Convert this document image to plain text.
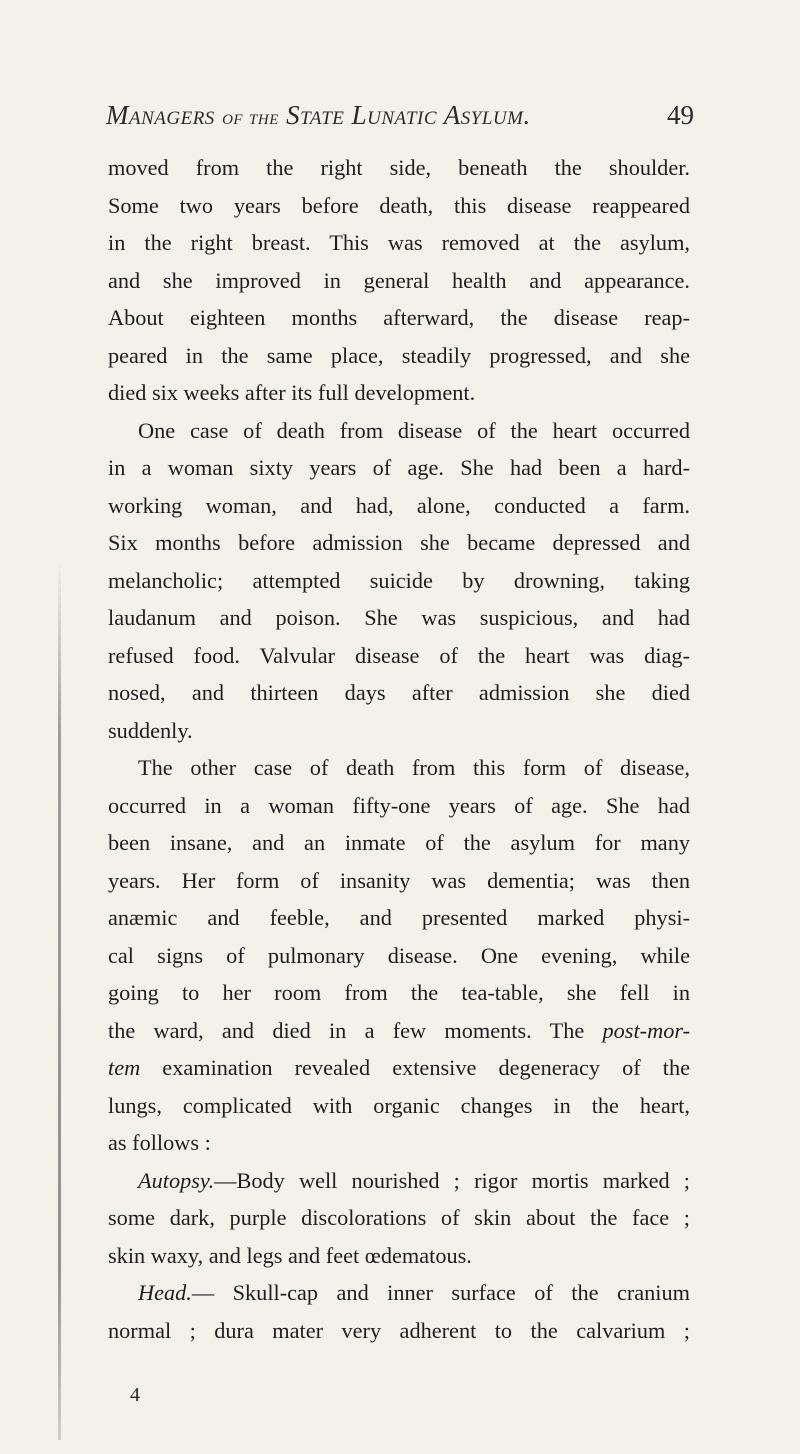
Managers of the State Lunatic Asylum.	49
moved from the right side, beneath the shoulder.
Some two years before death, this disease reappeared
in the right breast. This was removed at the asylum,
and she improved in general health and appearance.
About eighteen months afterward, the disease reap-
peared in the same place, steadily progressed, and she
died six weeks after its full development.
One case of death from disease of the heart occurred
in a woman sixty years of age. She had been a hard-
working woman, and had, alone, conducted a farm.
Six months before admission she became depressed and
melancholic; attempted suicide by drowning, taking
laudanum and poison. She was suspicious, and had
refused food. Valvular disease of the heart was diag-
nosed, and thirteen days after admission she died
suddenly.
The other case of death from this form of disease,
occurred in a woman fifty-one years of age. She had
been insane, and an inmate of the asylum for many
years. Her form of insanity was dementia; was then
anæmic and feeble, and presented marked physi-
cal signs of pulmonary disease. One evening, while
going to her room from the tea-table, she fell in
the ward, and died in a few moments. The post-mor-
tem examination revealed extensive degeneracy of the
lungs, complicated with organic changes in the heart,
as follows :
Autopsy.—Body well nourished ; rigor mortis marked ;
some dark, purple discolorations of skin about the face ;
skin waxy, and legs and feet œdematous.
Head.— Skull-cap and inner surface of the cranium
normal ; dura mater very adherent to the calvarium ;
4
